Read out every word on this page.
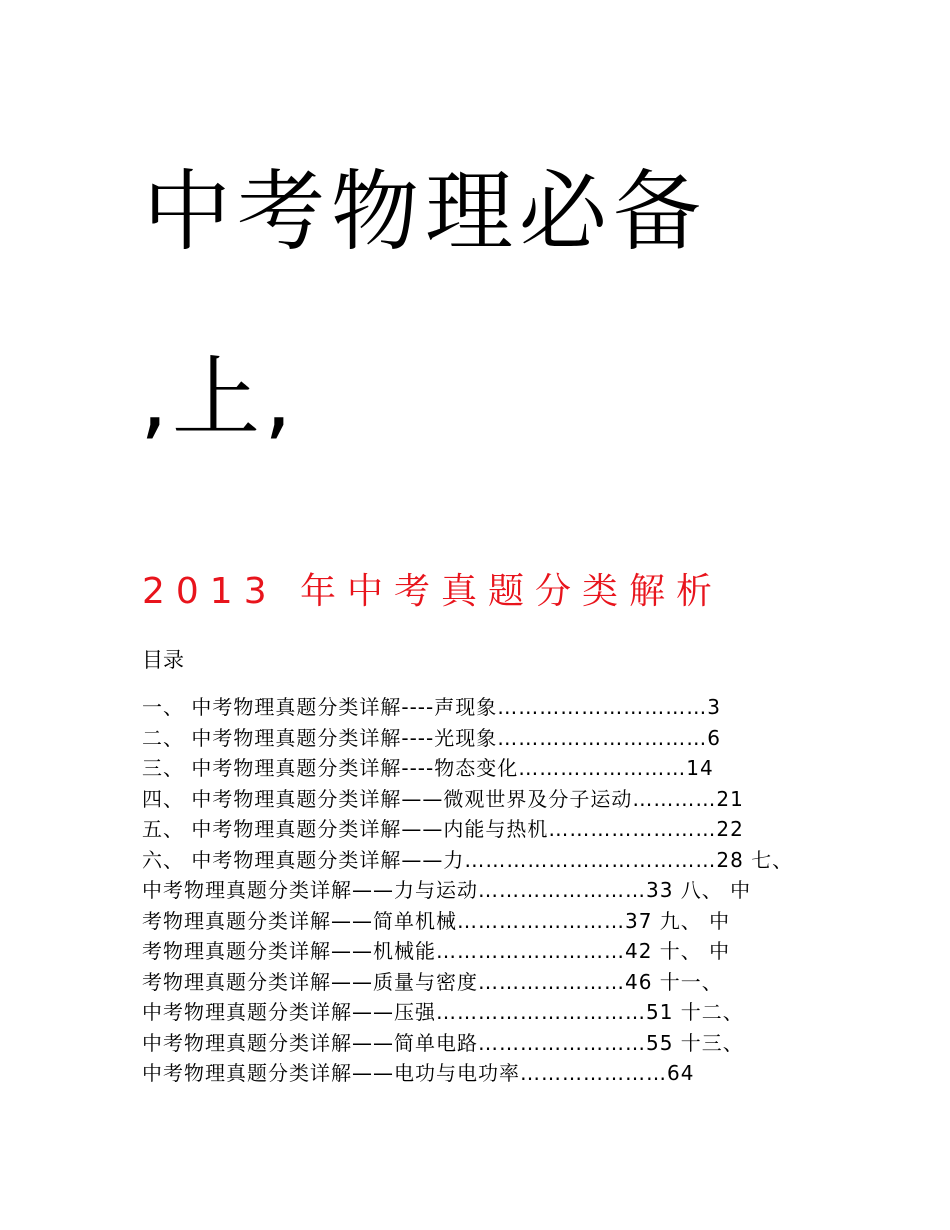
中考物理必备
,上,
2013 年中考真题分类解析
目录
一、 中考物理真题分类详解----声现象…………………………3
二、 中考物理真题分类详解----光现象…………………………6
三、 中考物理真题分类详解----物态变化……………………14
四、 中考物理真题分类详解——微观世界及分子运动…………21
五、 中考物理真题分类详解——内能与热机……………………22
六、 中考物理真题分类详解——力………………………………28 七、
中考物理真题分类详解——力与运动……………………33 八、 中
考物理真题分类详解——简单机械……………………37 九、 中
考物理真题分类详解——机械能………………………42 十、 中
考物理真题分类详解——质量与密度…………………46 十一、
中考物理真题分类详解——压强…………………………51 十二、
中考物理真题分类详解——简单电路……………………55 十三、
中考物理真题分类详解——电功与电功率…………………64
